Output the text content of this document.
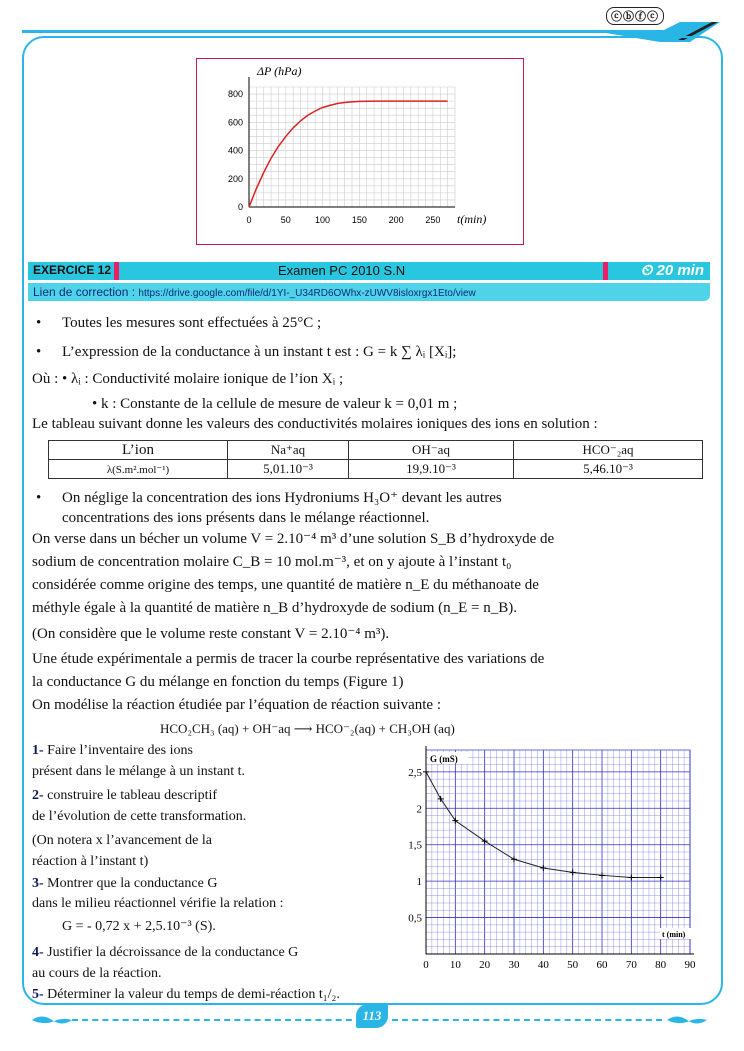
ⓒⓑⓕⓒ
0	50	100 150 200 250
0
200
400
600
800
ΔP (hPa)
t(min)
EXERCICE 12	Examen PC 2010 S.N	⏲ 20 min
Lien de correction : https://drive.google.com/file/d/1YI-_U34RD6OWhx-zUWV8isloxrgx1Eto/view
• Toutes les mesures sont effectuées à 25°C ;
• L’expression de la conductance à un instant t est : G = k ∑ λᵢ [Xᵢ];
Où : • λᵢ : Conductivité molaire ionique de l’ion Xᵢ ;
• k : Constante de la cellule de mesure de valeur k = 0,01 m ;
Le tableau suivant donne les valeurs des conductivités molaires ioniques des ions en solution :
L’ion	Na⁺aq	OH⁻aq	HCO⁻₂aq
λ(S.m².mol⁻¹)	5,01.10⁻³	19,9.10⁻³	5,46.10⁻³
• On néglige la concentration des ions Hydroniums H₃O⁺ devant les autres
concentrations des ions présents dans le mélange réactionnel.
On verse dans un bécher un volume V = 2.10⁻⁴ m³ d’une solution S_B d’hydroxyde de
sodium de concentration molaire C_B = 10 mol.m⁻³, et on y ajoute à l’instant t₀
considérée comme origine des temps, une quantité de matière n_E du méthanoate de
méthyle égale à la quantité de matière n_B d’hydroxyde de sodium (n_E = n_B).
(On considère que le volume reste constant V = 2.10⁻⁴ m³).
Une étude expérimentale a permis de tracer la courbe représentative des variations de
la conductance G du mélange en fonction du temps (Figure 1)
On modélise la réaction étudiée par l’équation de réaction suivante :
HCO₂CH₃ (aq) + OH⁻aq ⟶ HCO⁻₂(aq) + CH₃OH (aq)
1- Faire l’inventaire des ions
présent dans le mélange à un instant t.
2- construire le tableau descriptif
de l’évolution de cette transformation.
(On notera x l’avancement de la
réaction à l’instant t)
3- Montrer que la conductance G
dans le milieu réactionnel vérifie la relation :
G = - 0,72 x + 2,5.10⁻³ (S).
4- Justifier la décroissance de la conductance G
au cours de la réaction.
5- Déterminer la valeur du temps de demi-réaction t₁/₂.
0 10 20 30 40 50 60 70 80 90
0,5
1
1,5
2
2,5
G (mS)
t (min)
113
